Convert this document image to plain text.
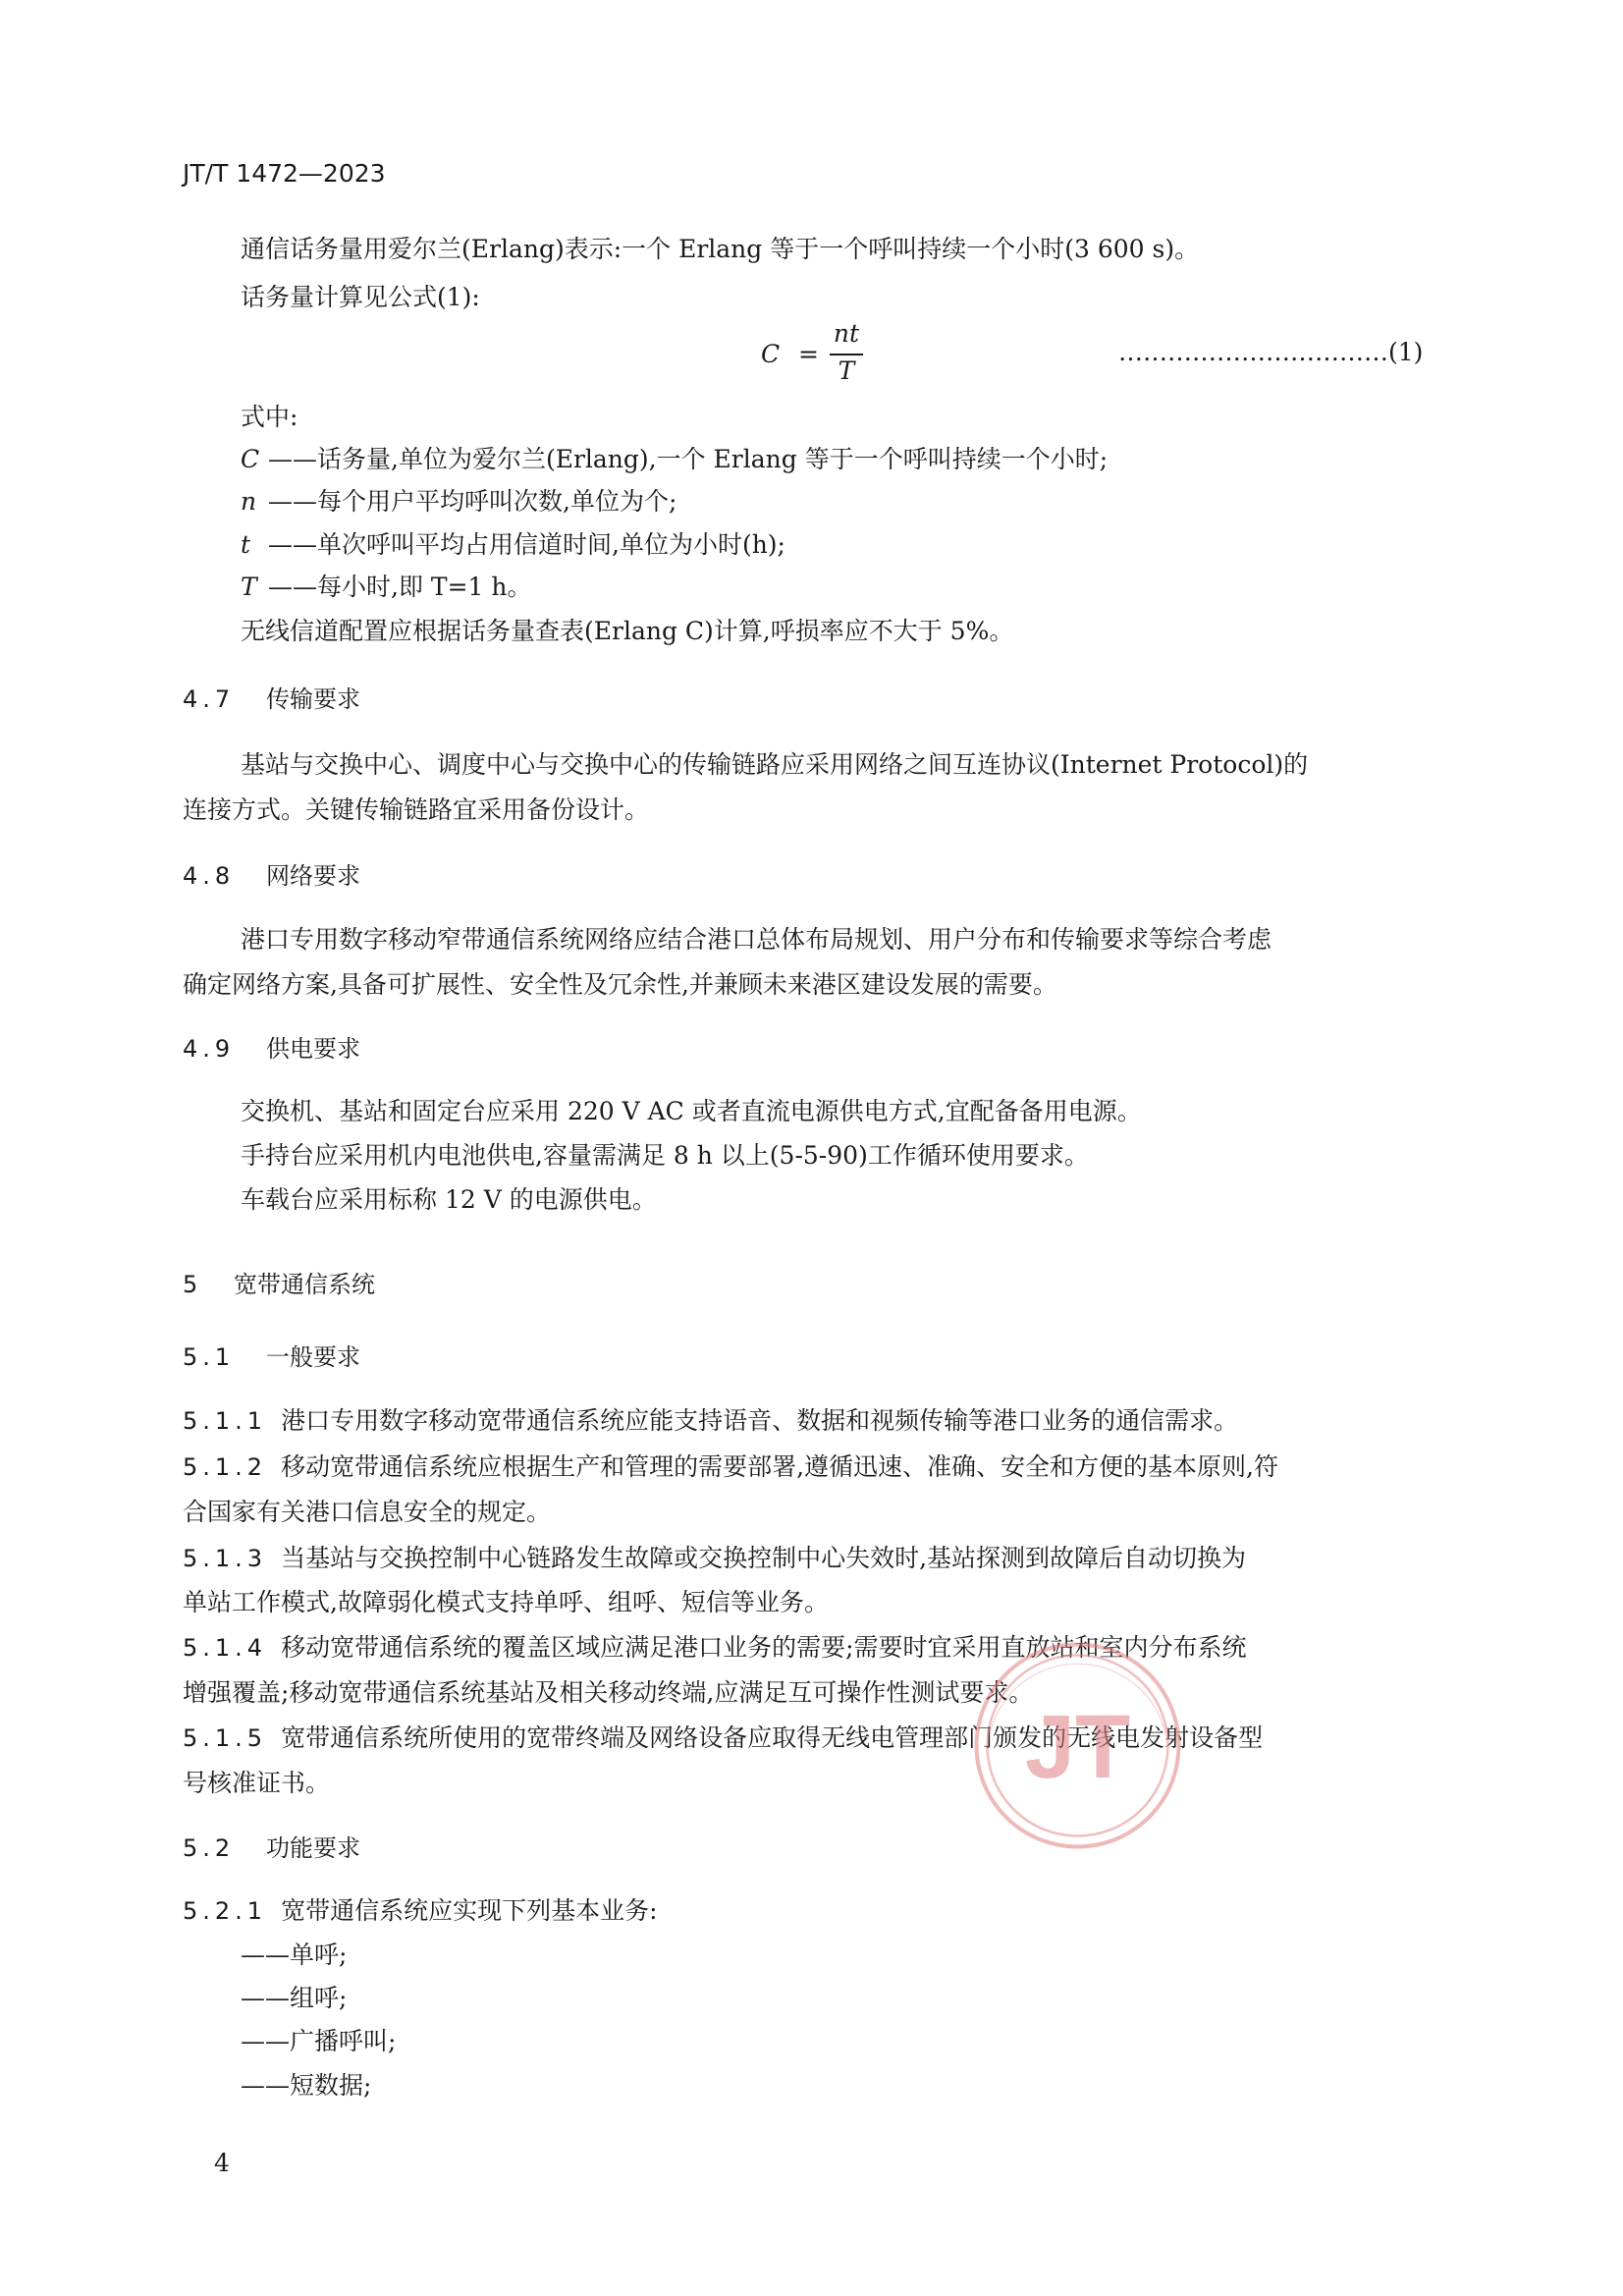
JT/T 1472—2023
通信话务量用爱尔兰(Erlang)表示:一个 Erlang 等于一个呼叫持续一个小时(3 600 s)。
话务量计算见公式(1):
C =
nt
T
……………………………(1)
式中:
C ——话务量,单位为爱尔兰(Erlang),一个 Erlang 等于一个呼叫持续一个小时;
n ——每个用户平均呼叫次数,单位为个;
t ——单次呼叫平均占用信道时间,单位为小时(h);
T ——每小时,即 T=1 h。
无线信道配置应根据话务量查表(Erlang C)计算,呼损率应不大于 5%。
4.7 传输要求
基站与交换中心、调度中心与交换中心的传输链路应采用网络之间互连协议(Internet Protocol)的
连接方式。关键传输链路宜采用备份设计。
4.8 网络要求
港口专用数字移动窄带通信系统网络应结合港口总体布局规划、用户分布和传输要求等综合考虑
确定网络方案,具备可扩展性、安全性及冗余性,并兼顾未来港区建设发展的需要。
4.9 供电要求
交换机、基站和固定台应采用 220 V AC 或者直流电源供电方式,宜配备备用电源。
手持台应采用机内电池供电,容量需满足 8 h 以上(5-5-90)工作循环使用要求。
车载台应采用标称 12 V 的电源供电。
5 宽带通信系统
5.1 一般要求
5.1.1 港口专用数字移动宽带通信系统应能支持语音、数据和视频传输等港口业务的通信需求。
5.1.2 移动宽带通信系统应根据生产和管理的需要部署,遵循迅速、准确、安全和方便的基本原则,符
合国家有关港口信息安全的规定。
5.1.3 当基站与交换控制中心链路发生故障或交换控制中心失效时,基站探测到故障后自动切换为
单站工作模式,故障弱化模式支持单呼、组呼、短信等业务。
5.1.4 移动宽带通信系统的覆盖区域应满足港口业务的需要;需要时宜采用直放站和室内分布系统
增强覆盖;移动宽带通信系统基站及相关移动终端,应满足互可操作性测试要求。
5.1.5 宽带通信系统所使用的宽带终端及网络设备应取得无线电管理部门颁发的无线电发射设备型
号核准证书。
5.2 功能要求
5.2.1 宽带通信系统应实现下列基本业务:
——单呼;
——组呼;
——广播呼叫;
——短数据;
JT
4
